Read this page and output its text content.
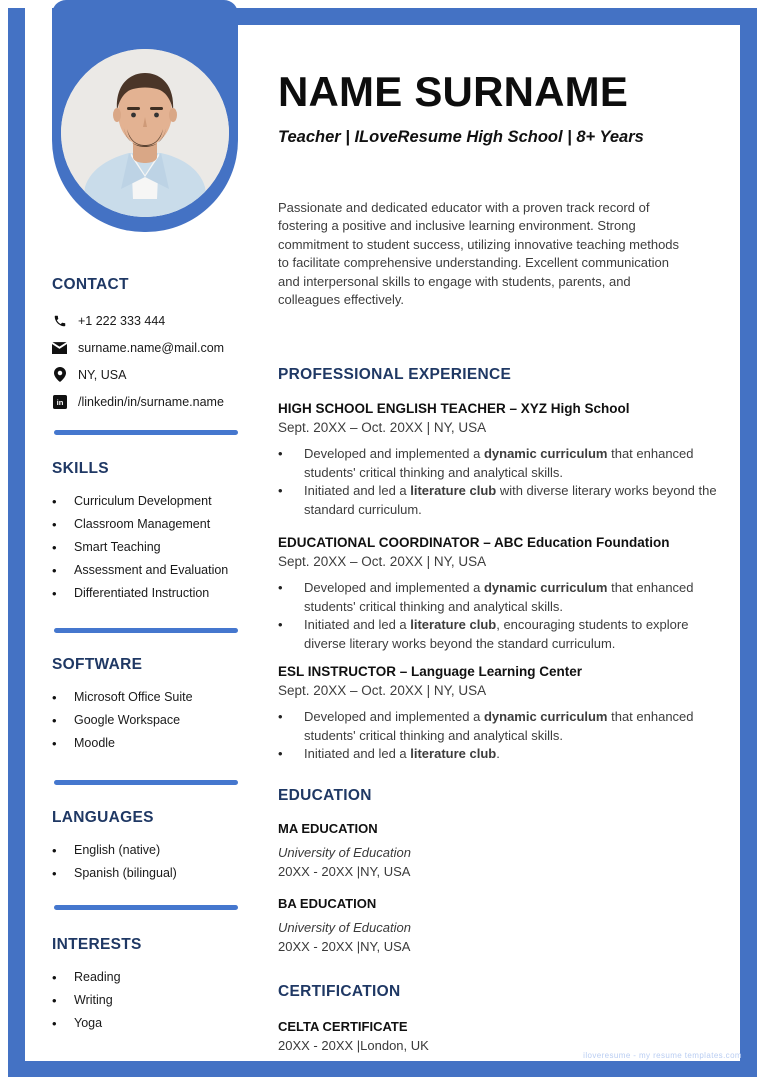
CONTACT
+1 222 333 444
surname.name@mail.com
NY, USA
in /linkedin/in/surname.name
SKILLS
•	Curriculum Development
•	Classroom Management
•	Smart Teaching
•	Assessment and Evaluation
•	Differentiated Instruction
SOFTWARE
•	Microsoft Office Suite
•	Google Workspace
•	Moodle
LANGUAGES
•	English (native)
•	Spanish (bilingual)
INTERESTS
•	Reading
•	Writing
•	Yoga
NAME SURNAME
Teacher | ILoveResume High School | 8+ Years
Passionate and dedicated educator with a proven track record of fostering a positive and inclusive learning environment. Strong commitment to student success, utilizing innovative teaching methods to facilitate comprehensive understanding. Excellent communication and interpersonal skills to engage with students, parents, and colleagues effectively.
PROFESSIONAL EXPERIENCE
HIGH SCHOOL ENGLISH TEACHER – XYZ High School
Sept. 20XX – Oct. 20XX | NY, USA
•	Developed and implemented a dynamic curriculum that enhanced students' critical thinking and analytical skills.
•	Initiated and led a literature club with diverse literary works beyond the standard curriculum.
EDUCATIONAL COORDINATOR – ABC Education Foundation
Sept. 20XX – Oct. 20XX | NY, USA
•	Developed and implemented a dynamic curriculum that enhanced students' critical thinking and analytical skills.
•	Initiated and led a literature club, encouraging students to explore diverse literary works beyond the standard curriculum.
ESL INSTRUCTOR – Language Learning Center
Sept. 20XX – Oct. 20XX | NY, USA
•	Developed and implemented a dynamic curriculum that enhanced students' critical thinking and analytical skills.
•	Initiated and led a literature club.
EDUCATION
MA EDUCATION
University of Education
20XX - 20XX |NY, USA
BA EDUCATION
University of Education
20XX - 20XX |NY, USA
CERTIFICATION
CELTA CERTIFICATE
20XX - 20XX |London, UK
iloveresume - my resume templates.com
